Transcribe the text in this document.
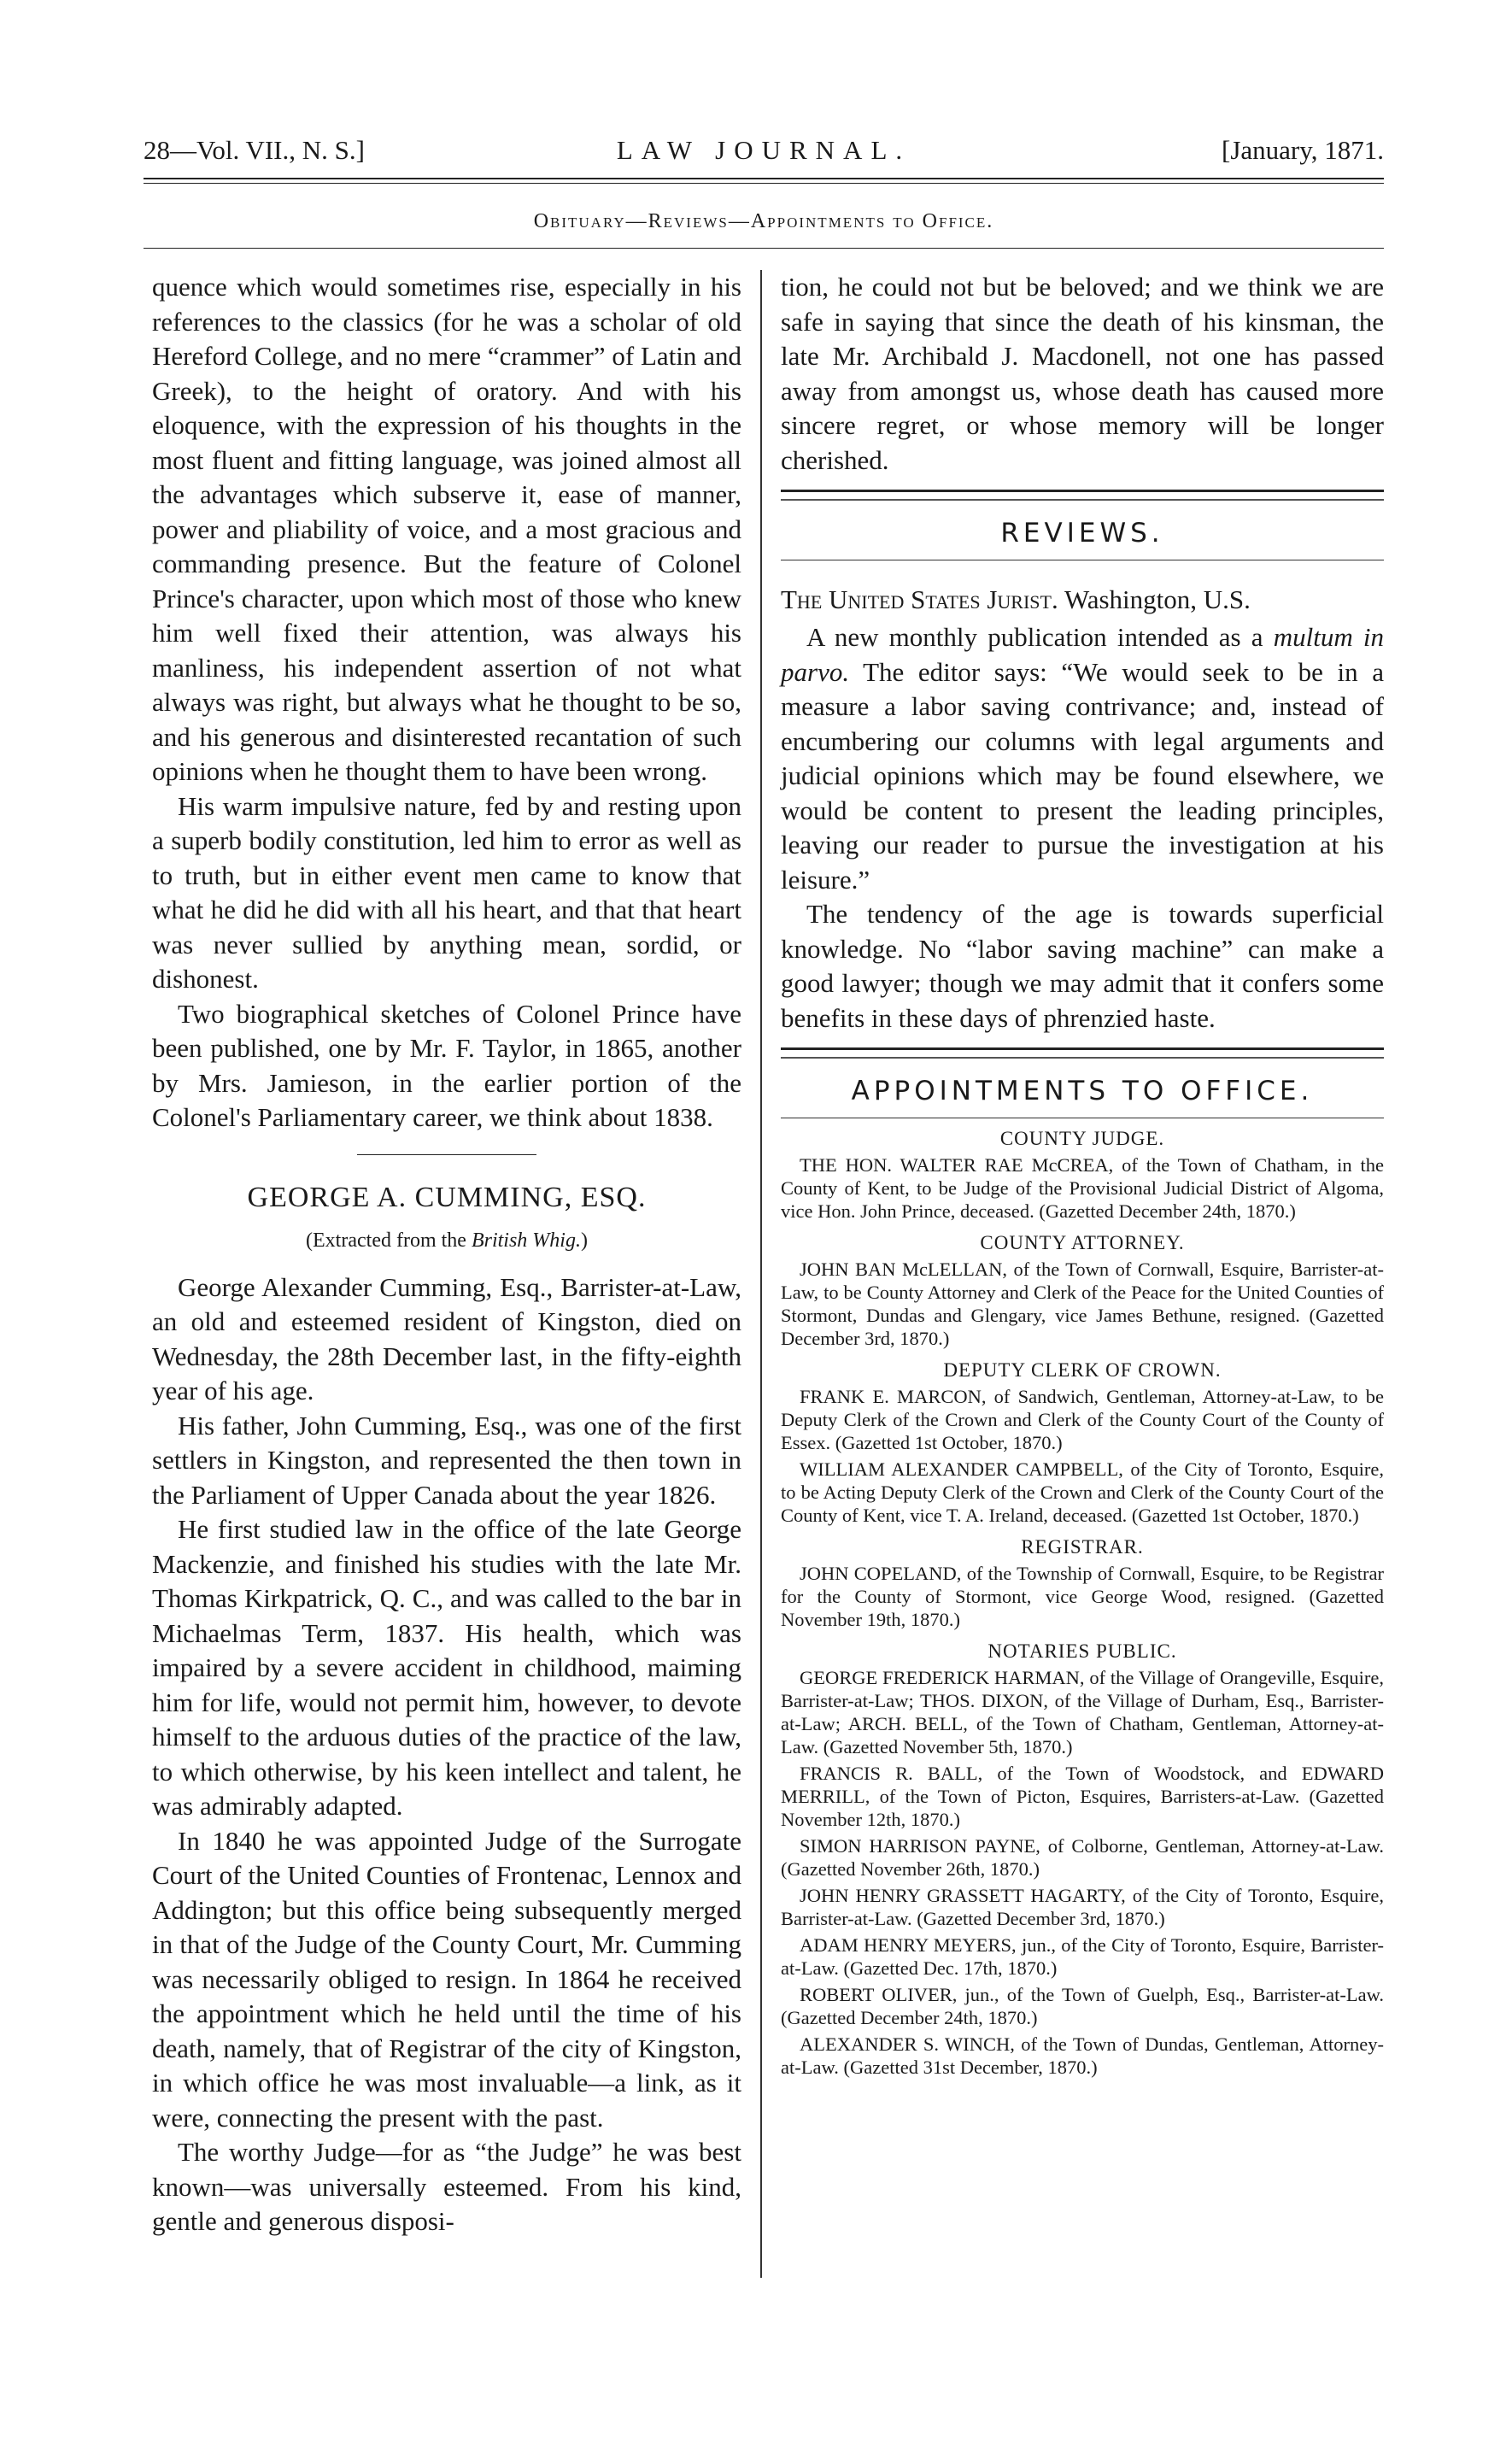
28—Vol. VII., N. S.]	LAW JOURNAL.	[January, 1871.
Obituary—Reviews—Appointments to Office.

quence which would sometimes rise, especially in his references to the classics (for he was a scholar of old Hereford College, and no mere “crammer” of Latin and Greek), to the height of oratory. And with his eloquence, with the expression of his thoughts in the most fluent and fitting language, was joined almost all the advantages which subserve it, ease of manner, power and pliability of voice, and a most gracious and commanding presence. But the feature of Colonel Prince's character, upon which most of those who knew him well fixed their attention, was always his manliness, his independent assertion of not what always was right, but always what he thought to be so, and his generous and disinterested recantation of such opinions when he thought them to have been wrong.

His warm impulsive nature, fed by and resting upon a superb bodily constitution, led him to error as well as to truth, but in either event men came to know that what he did he did with all his heart, and that that heart was never sullied by anything mean, sordid, or dishonest.

Two biographical sketches of Colonel Prince have been published, one by Mr. F. Taylor, in 1865, another by Mrs. Jamieson, in the earlier portion of the Colonel's Parliamentary career, we think about 1838.

GEORGE A. CUMMING, ESQ.
(Extracted from the British Whig.)

George Alexander Cumming, Esq., Barrister-at-Law, an old and esteemed resident of Kingston, died on Wednesday, the 28th December last, in the fifty-eighth year of his age.

His father, John Cumming, Esq., was one of the first settlers in Kingston, and represented the then town in the Parliament of Upper Canada about the year 1826.

He first studied law in the office of the late George Mackenzie, and finished his studies with the late Mr. Thomas Kirkpatrick, Q. C., and was called to the bar in Michaelmas Term, 1837. His health, which was impaired by a severe accident in childhood, maiming him for life, would not permit him, however, to devote himself to the arduous duties of the practice of the law, to which otherwise, by his keen intellect and talent, he was admirably adapted.

In 1840 he was appointed Judge of the Surrogate Court of the United Counties of Frontenac, Lennox and Addington; but this office being subsequently merged in that of the Judge of the County Court, Mr. Cumming was necessarily obliged to resign. In 1864 he received the appointment which he held until the time of his death, namely, that of Registrar of the city of Kingston, in which office he was most invaluable—a link, as it were, connecting the present with the past.

The worthy Judge—for as “the Judge” he was best known—was universally esteemed. From his kind, gentle and generous disposi-

tion, he could not but be beloved; and we think we are safe in saying that since the death of his kinsman, the late Mr. Archibald J. Macdonell, not one has passed away from amongst us, whose death has caused more sincere regret, or whose memory will be longer cherished.

REVIEWS.

The United States Jurist. Washington, U.S.

A new monthly publication intended as a multum in parvo. The editor says: “We would seek to be in a measure a labor saving contrivance; and, instead of encumbering our columns with legal arguments and judicial opinions which may be found elsewhere, we would be content to present the leading principles, leaving our reader to pursue the investigation at his leisure.”

The tendency of the age is towards superficial knowledge. No “labor saving machine” can make a good lawyer; though we may admit that it confers some benefits in these days of phrenzied haste.

APPOINTMENTS TO OFFICE.
COUNTY JUDGE.

THE HON. WALTER RAE McCREA, of the Town of Chatham, in the County of Kent, to be Judge of the Provisional Judicial District of Algoma, vice Hon. John Prince, deceased. (Gazetted December 24th, 1870.)

COUNTY ATTORNEY.

JOHN BAN McLELLAN, of the Town of Cornwall, Esquire, Barrister-at-Law, to be County Attorney and Clerk of the Peace for the United Counties of Stormont, Dundas and Glengary, vice James Bethune, resigned. (Gazetted December 3rd, 1870.)

DEPUTY CLERK OF CROWN.

FRANK E. MARCON, of Sandwich, Gentleman, Attorney-at-Law, to be Deputy Clerk of the Crown and Clerk of the County Court of the County of Essex. (Gazetted 1st October, 1870.)

WILLIAM ALEXANDER CAMPBELL, of the City of Toronto, Esquire, to be Acting Deputy Clerk of the Crown and Clerk of the County Court of the County of Kent, vice T. A. Ireland, deceased. (Gazetted 1st October, 1870.)

REGISTRAR.

JOHN COPELAND, of the Township of Cornwall, Esquire, to be Registrar for the County of Stormont, vice George Wood, resigned. (Gazetted November 19th, 1870.)

NOTARIES PUBLIC.

GEORGE FREDERICK HARMAN, of the Village of Orangeville, Esquire, Barrister-at-Law; THOS. DIXON, of the Village of Durham, Esq., Barrister-at-Law; ARCH. BELL, of the Town of Chatham, Gentleman, Attorney-at-Law. (Gazetted November 5th, 1870.)

FRANCIS R. BALL, of the Town of Woodstock, and EDWARD MERRILL, of the Town of Picton, Esquires, Barristers-at-Law. (Gazetted November 12th, 1870.)

SIMON HARRISON PAYNE, of Colborne, Gentleman, Attorney-at-Law. (Gazetted November 26th, 1870.)

JOHN HENRY GRASSETT HAGARTY, of the City of Toronto, Esquire, Barrister-at-Law. (Gazetted December 3rd, 1870.)

ADAM HENRY MEYERS, jun., of the City of Toronto, Esquire, Barrister-at-Law. (Gazetted Dec. 17th, 1870.)

ROBERT OLIVER, jun., of the Town of Guelph, Esq., Barrister-at-Law. (Gazetted December 24th, 1870.)

ALEXANDER S. WINCH, of the Town of Dundas, Gentleman, Attorney-at-Law. (Gazetted 31st December, 1870.)
